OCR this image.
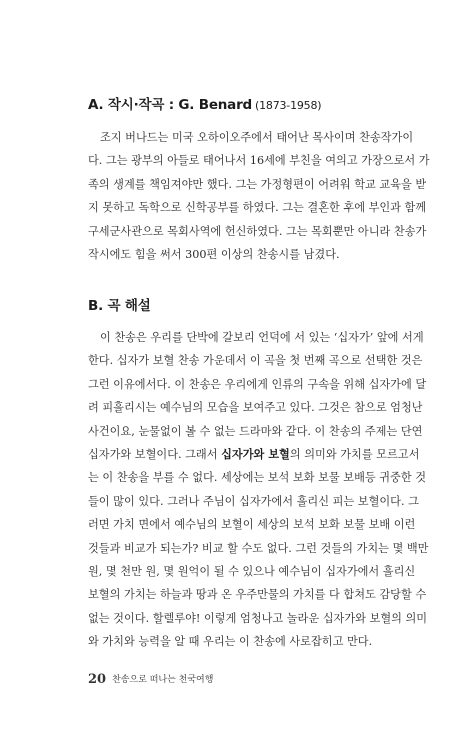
A. 작시·작곡 : G. Benard (1873-1958)

조지 버나드는 미국 오하이오주에서 태어난 목사이며 찬송작가이
다. 그는 광부의 아들로 태어나서 16세에 부친을 여의고 가장으로서 가
족의 생계를 책임져야만 했다. 그는 가정형편이 어려워 학교 교육을 받
지 못하고 독학으로 신학공부를 하였다. 그는 결혼한 후에 부인과 함께
구세군사관으로 목회사역에 헌신하였다. 그는 목회뿐만 아니라 찬송가
작시에도 힘을 써서 300편 이상의 찬송시를 남겼다.

B. 곡 해설

이 찬송은 우리를 단박에 갈보리 언덕에 서 있는 ‘십자가’ 앞에 서게
한다. 십자가 보혈 찬송 가운데서 이 곡을 첫 번째 곡으로 선택한 것은
그런 이유에서다. 이 찬송은 우리에게 인류의 구속을 위해 십자가에 달
려 피흘리시는 예수님의 모습을 보여주고 있다. 그것은 참으로 엄청난
사건이요, 눈물없이 볼 수 없는 드라마와 같다. 이 찬송의 주제는 단연
십자가와 보혈이다. 그래서 십자가와 보혈의 의미와 가치를 모르고서
는 이 찬송을 부를 수 없다. 세상에는 보석 보화 보물 보배등 귀중한 것
들이 많이 있다. 그러나 주님이 십자가에서 흘리신 피는 보혈이다. 그
러면 가치 면에서 예수님의 보혈이 세상의 보석 보화 보물 보배 이런
것들과 비교가 되는가? 비교 할 수도 없다. 그런 것들의 가치는 몇 백만
원, 몇 천만 원, 몇 원억이 될 수 있으나 예수님이 십자가에서 흘리신
보혈의 가치는 하늘과 땅과 온 우주만물의 가치를 다 합쳐도 감당할 수
없는 것이다. 할렐루야! 이렇게 엄청나고 놀라운 십자가와 보혈의 의미
와 가치와 능력을 알 때 우리는 이 찬송에 사로잡히고 만다.

20 찬송으로 떠나는 천국여행
